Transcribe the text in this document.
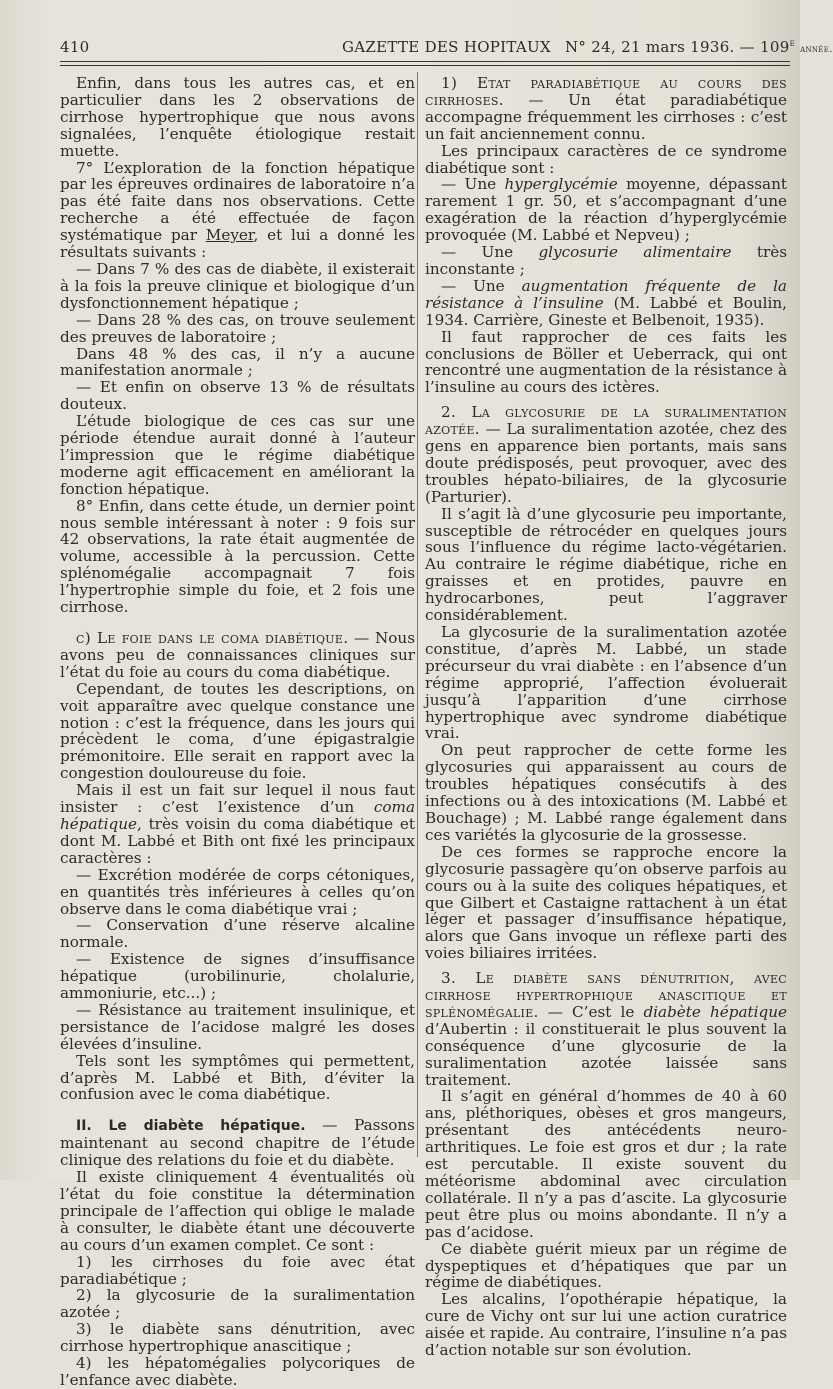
410	GAZETTE DES HOPITAUX N° 24, 21 mars 1936. — 109e année.

Enfin, dans tous les autres cas, et en particulier dans les 2 observations de cirrhose hypertrophique que nous avons signalées, l’enquête étiologique restait muette.

7° L’exploration de la fonction hépatique par les épreuves ordinaires de laboratoire n’a pas été faite dans nos observations. Cette recherche a été effectuée de façon systématique par Meyer, et lui a donné les résultats suivants :

— Dans 7 % des cas de diabète, il existerait à la fois la preuve clinique et biologique d’un dysfonctionnement hépatique ;

— Dans 28 % des cas, on trouve seulement des preuves de laboratoire ;

Dans 48 % des cas, il n’y a aucune manifestation anormale ;

— Et enfin on observe 13 % de résultats douteux.

L’étude biologique de ces cas sur une période étendue aurait donné à l’auteur l’impression que le régime diabétique moderne agit efficacement en améliorant la fonction hépatique.

8° Enfin, dans cette étude, un dernier point nous semble intéressant à noter : 9 fois sur 42 observations, la rate était augmentée de volume, accessible à la percussion. Cette splénomégalie accompagnait 7 fois l’hypertrophie simple du foie, et 2 fois une cirrhose.

c) Le foie dans le coma diabétique. — Nous avons peu de connaissances cliniques sur l’état du foie au cours du coma diabétique.

Cependant, de toutes les descriptions, on voit apparaître avec quelque constance une notion : c’est la fréquence, dans les jours qui précèdent le coma, d’une épigastralgie prémonitoire. Elle serait en rapport avec la congestion douloureuse du foie.

Mais il est un fait sur lequel il nous faut insister : c’est l’existence d’un coma hépatique, très voisin du coma diabétique et dont M. Labbé et Bith ont fixé les principaux caractères :

— Excrétion modérée de corps cétoniques, en quantités très inférieures à celles qu’on observe dans le coma diabétique vrai ;

— Conservation d’une réserve alcaline normale.

— Existence de signes d’insuffisance hépatique (urobilinurie, cholalurie, ammoniurie, etc...) ;

— Résistance au traitement insulinique, et persistance de l’acidose malgré les doses élevées d’insuline.

Tels sont les symptômes qui permettent, d’après M. Labbé et Bith, d’éviter la confusion avec le coma diabétique.

II. Le diabète hépatique. — Passons maintenant au second chapitre de l’étude clinique des relations du foie et du diabète.

Il existe cliniquement 4 éventualités où l’état du foie constitue la détermination principale de l’affection qui oblige le malade à consulter, le diabète étant une découverte au cours d’un examen complet. Ce sont :

1) les cirrhoses du foie avec état paradiabétique ;

2) la glycosurie de la suralimentation azotée ;

3) le diabète sans dénutrition, avec cirrhose hypertrophique anascitique ;

4) les hépatomégalies polycoriques de l’enfance avec diabète.

1) Etat paradiabétique au cours des cirrhoses. — Un état paradiabétique accompagne fréquemment les cirrhoses : c’est un fait anciennement connu.

Les principaux caractères de ce syndrome diabétique sont :

— Une hyperglycémie moyenne, dépassant rarement 1 gr. 50, et s’accompagnant d’une exagération de la réaction d’hyperglycémie provoquée (M. Labbé et Nepveu) ;

— Une glycosurie alimentaire très inconstante ;

— Une augmentation fréquente de la résistance à l’insuline (M. Labbé et Boulin, 1934. Carrière, Gineste et Belbenoit, 1935).

Il faut rapprocher de ces faits les conclusions de Böller et Ueberrack, qui ont rencontré une augmentation de la résistance à l’insuline au cours des ictères.

2. La glycosurie de la suralimentation azotée. — La suralimentation azotée, chez des gens en apparence bien portants, mais sans doute prédisposés, peut provoquer, avec des troubles hépato-biliaires, de la glycosurie (Parturier).

Il s’agit là d’une glycosurie peu importante, susceptible de rétrocéder en quelques jours sous l’influence du régime lacto-végétarien. Au contraire le régime diabétique, riche en graisses et en protides, pauvre en hydrocarbones, peut l’aggraver considérablement.

La glycosurie de la suralimentation azotée constitue, d’après M. Labbé, un stade précurseur du vrai diabète : en l’absence d’un régime approprié, l’affection évoluerait jusqu’à l’apparition d’une cirrhose hypertrophique avec syndrome diabétique vrai.

On peut rapprocher de cette forme les glycosuries qui apparaissent au cours de troubles hépatiques consécutifs à des infections ou à des intoxications (M. Labbé et Bouchage) ; M. Labbé range également dans ces variétés la glycosurie de la grossesse.

De ces formes se rapproche encore la glycosurie passagère qu’on observe parfois au cours ou à la suite des coliques hépatiques, et que Gilbert et Castaigne rattachent à un état léger et passager d’insuffisance hépatique, alors que Gans invoque un réflexe parti des voies biliaires irritées.

3. Le diabète sans dénutrition, avec cirrhose hypertrophique anascitique et splénomégalie. — C’est le diabète hépatique d’Aubertin : il constituerait le plus souvent la conséquence d’une glycosurie de la suralimentation azotée laissée sans traitement.

Il s’agit en général d’hommes de 40 à 60 ans, pléthoriques, obèses et gros mangeurs, présentant des antécédents neuro-arthritiques. Le foie est gros et dur ; la rate est percutable. Il existe souvent du météorisme abdominal avec circulation collatérale. Il n’y a pas d’ascite. La glycosurie peut être plus ou moins abondante. Il n’y a pas d’acidose.

Ce diabète guérit mieux par un régime de dyspeptiques et d’hépatiques que par un régime de diabétiques.

Les alcalins, l’opothérapie hépatique, la cure de Vichy ont sur lui une action curatrice aisée et rapide. Au contraire, l’insuline n’a pas d’action notable sur son évolution.
